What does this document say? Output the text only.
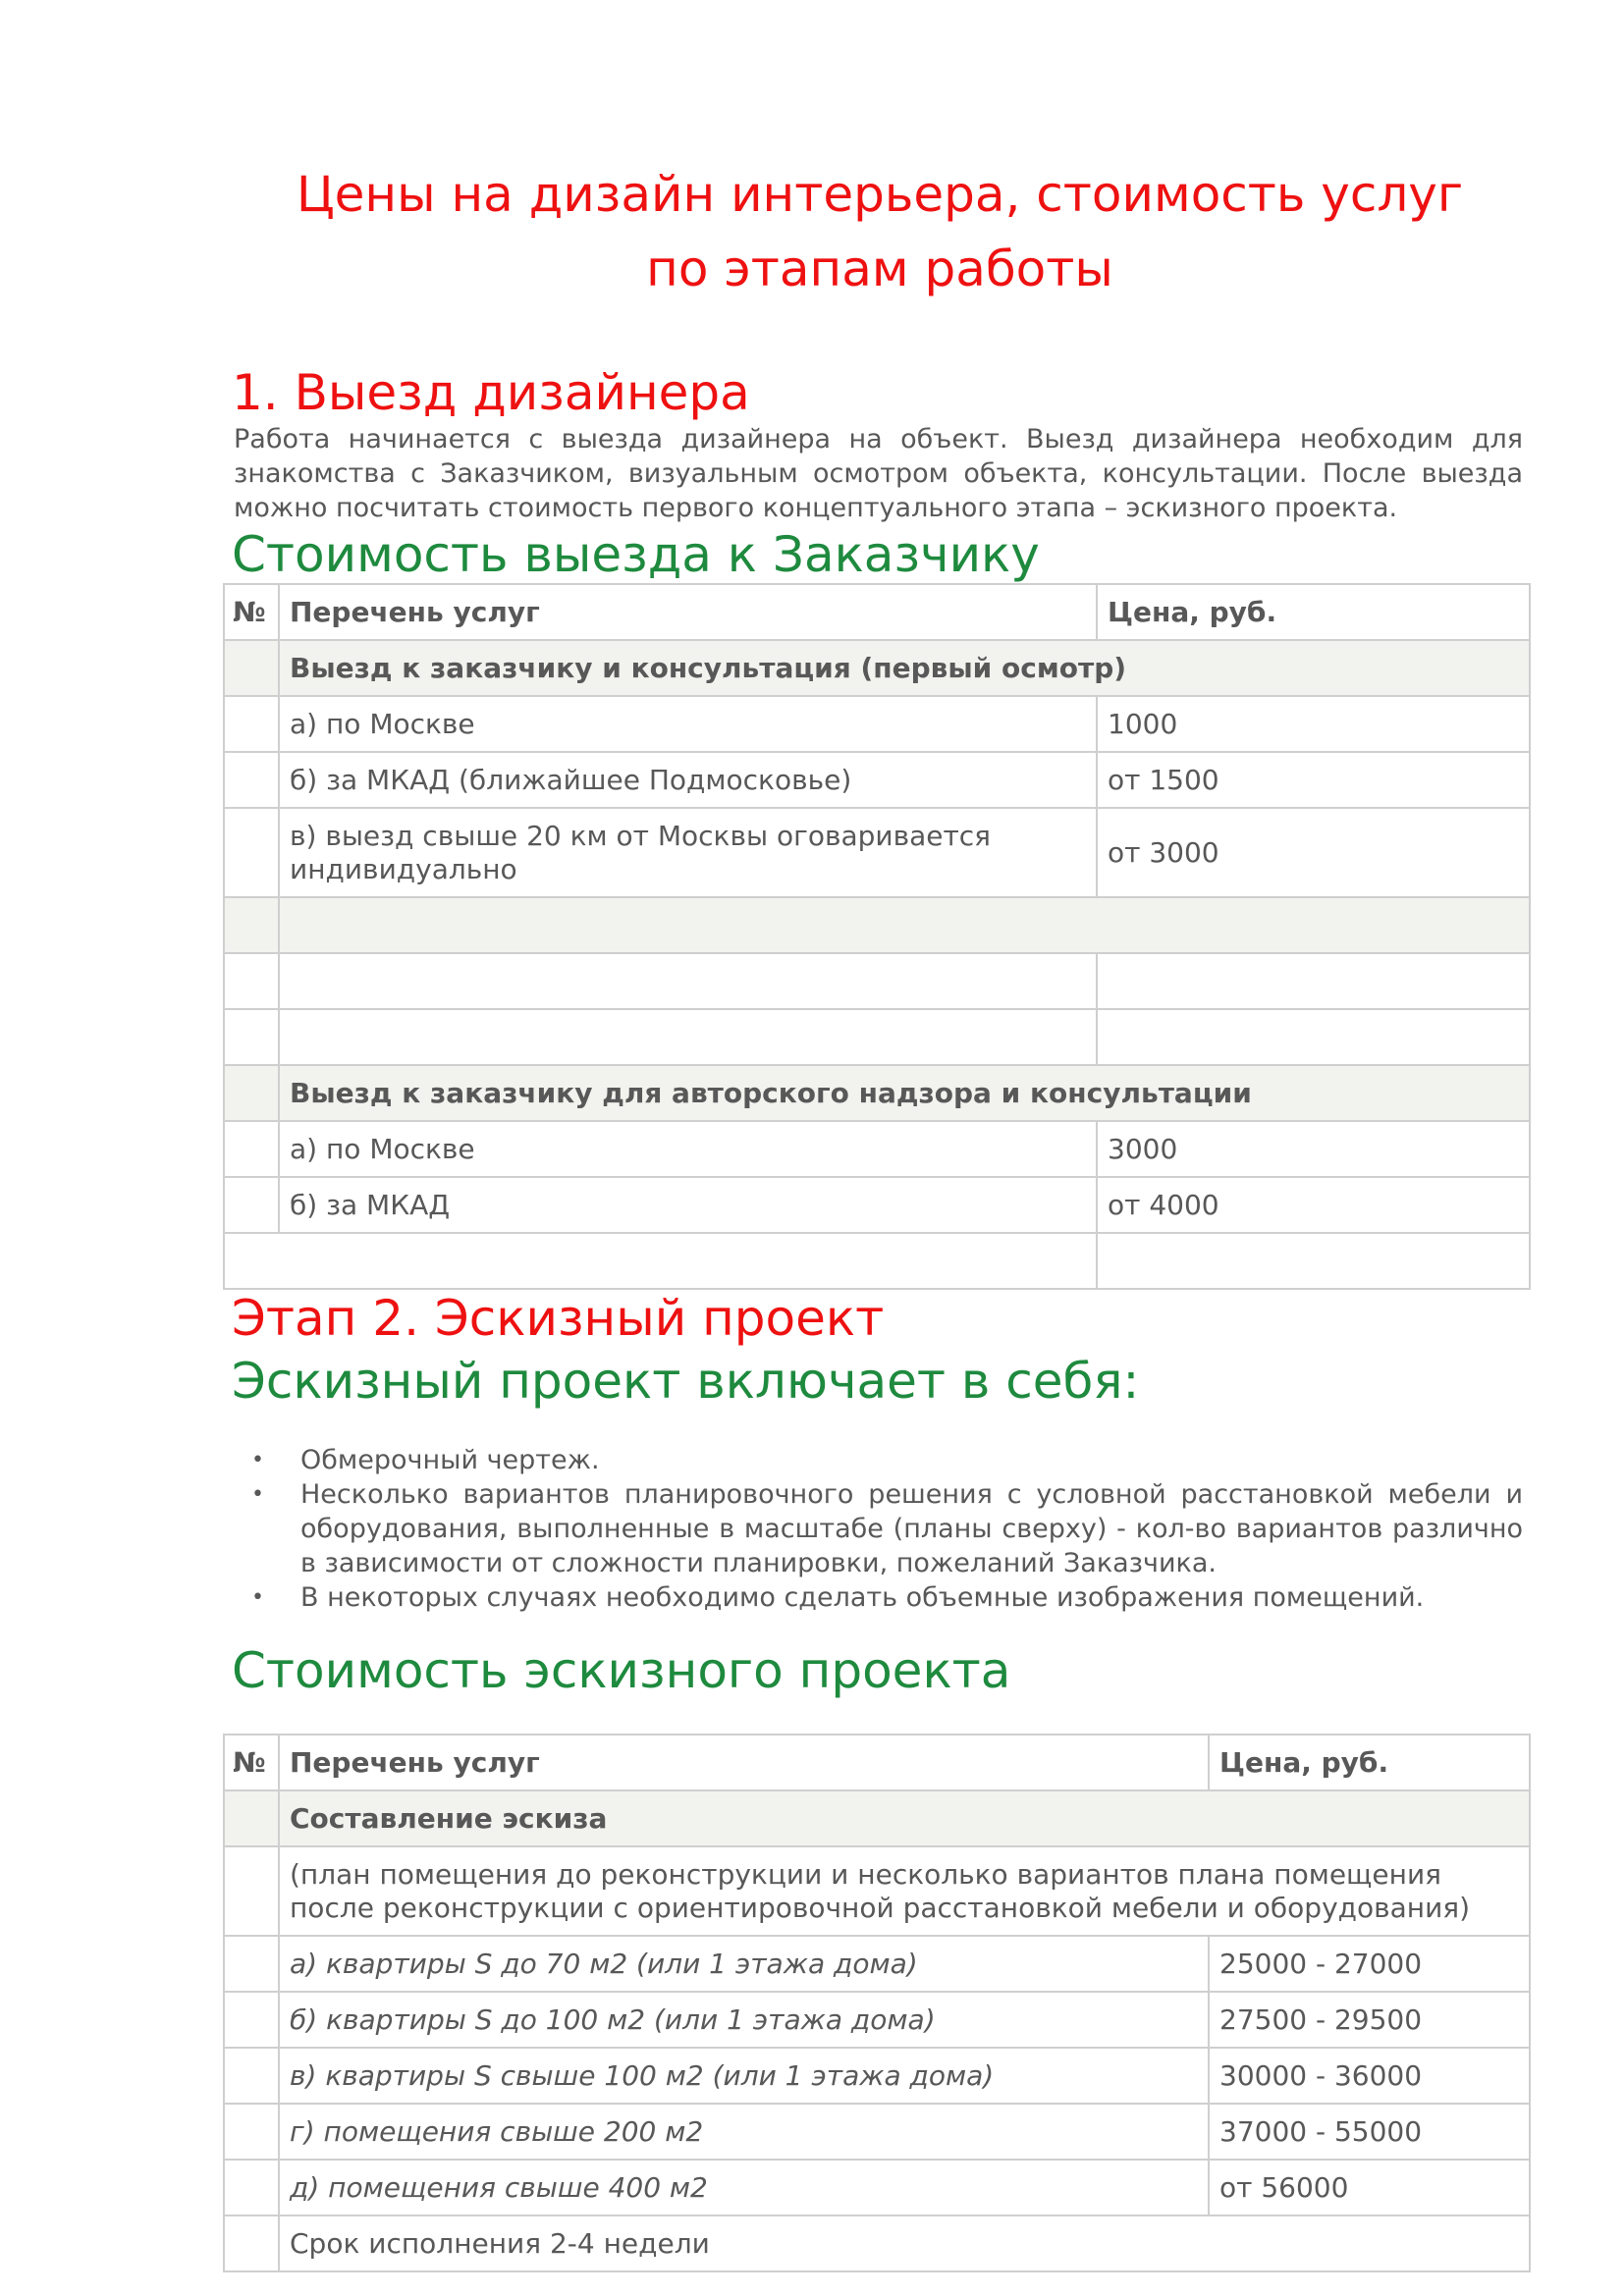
Цены на дизайн интерьера, стоимость услуг
по этапам работы
1. Выезд дизайнера

Работа начинается с выезда дизайнера на объект. Выезд дизайнера необходим для знакомства с Заказчиком, визуальным осмотром объекта, консультации. После выезда можно посчитать стоимость первого концептуального этапа – эскизного проекта.

Стоимость выезда к Заказчику
№	Перечень услуг	Цена, руб.
	Выезд к заказчику и консультация (первый осмотр)	
	а) по Москве	1000
	б) за МКАД (ближайшее Подмосковье)	от 1500
	в) выезд свыше 20 км от Москвы оговаривается индивидуально	от 3000

	Выезд к заказчику для авторского надзора и консультации	
	а) по Москве	3000
	б) за МКАД	от 4000

Этап 2. Эскизный проект
Эскизный проект включает в себя:
• Обмерочный чертеж.
• Несколько вариантов планировочного решения с условной расстановкой мебели и оборудования, выполненные в масштабе (планы сверху) - кол-во вариантов различно в зависимости от сложности планировки, пожеланий Заказчика.
• В некоторых случаях необходимо сделать объемные изображения помещений.
Стоимость эскизного проекта
№	Перечень услуг	Цена, руб.
	Составление эскиза	
	(план помещения до реконструкции и несколько вариантов плана помещения после реконструкции с ориентировочной расстановкой мебели и оборудования)	
	а) квартиры S до 70 м2 (или 1 этажа дома)	25000 - 27000
	б) квартиры S до 100 м2 (или 1 этажа дома)	27500 - 29500
	в) квартиры S свыше 100 м2 (или 1 этажа дома)	30000 - 36000
	г) помещения свыше 200 м2	37000 - 55000
	д) помещения свыше 400 м2	от 56000
	Срок исполнения 2-4 недели	
